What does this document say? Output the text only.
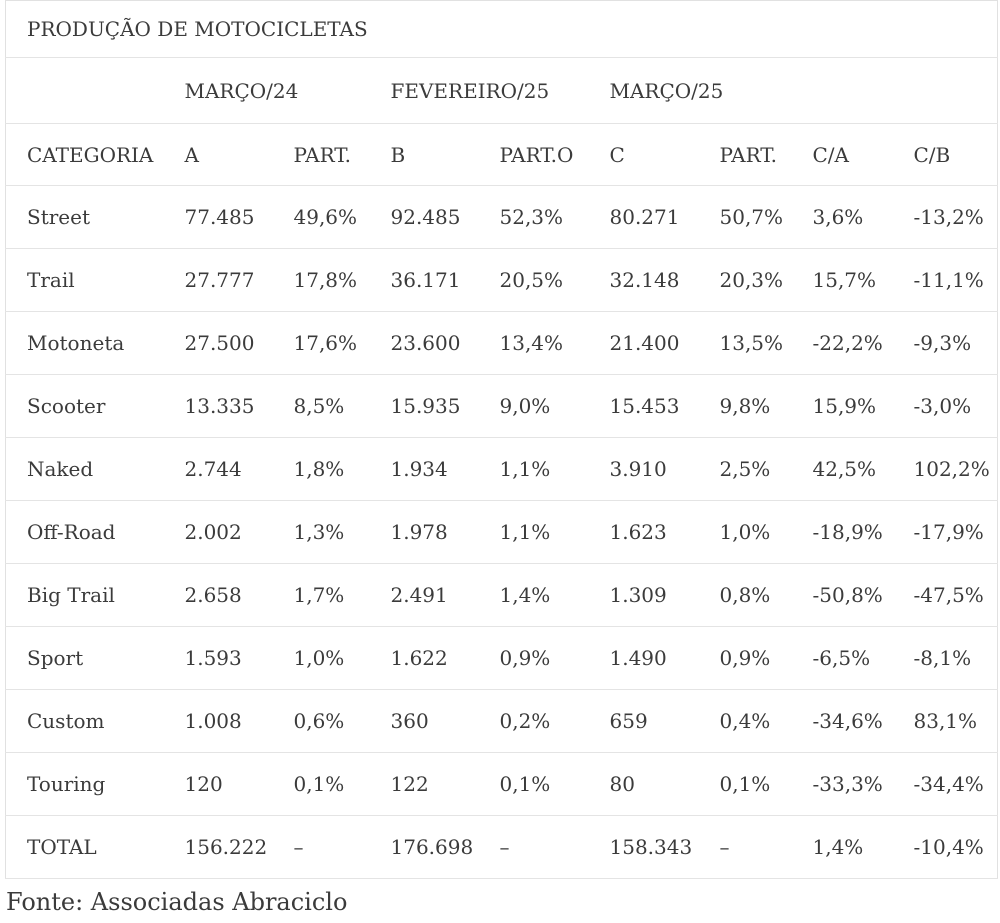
PRODUÇÃO DE MOTOCICLETAS								
	MARÇO/24		FEVEREIRO/25		MARÇO/25			
CATEGORIA	A	PART.	B	PART.O	C	PART.	C/A	C/B
Street	77.485	49,6%	92.485	52,3%	80.271	50,7%	3,6%	-13,2%
Trail	27.777	17,8%	36.171	20,5%	32.148	20,3%	15,7%	-11,1%
Motoneta	27.500	17,6%	23.600	13,4%	21.400	13,5%	-22,2%	-9,3%
Scooter	13.335	8,5%	15.935	9,0%	15.453	9,8%	15,9%	-3,0%
Naked	2.744	1,8%	1.934	1,1%	3.910	2,5%	42,5%	102,2%
Off-Road	2.002	1,3%	1.978	1,1%	1.623	1,0%	-18,9%	-17,9%
Big Trail	2.658	1,7%	2.491	1,4%	1.309	0,8%	-50,8%	-47,5%
Sport	1.593	1,0%	1.622	0,9%	1.490	0,9%	-6,5%	-8,1%
Custom	1.008	0,6%	360	0,2%	659	0,4%	-34,6%	83,1%
Touring	120	0,1%	122	0,1%	80	0,1%	-33,3%	-34,4%
TOTAL	156.222	–	176.698	–	158.343	–	1,4%	-10,4%
Fonte: Associadas Abraciclo
